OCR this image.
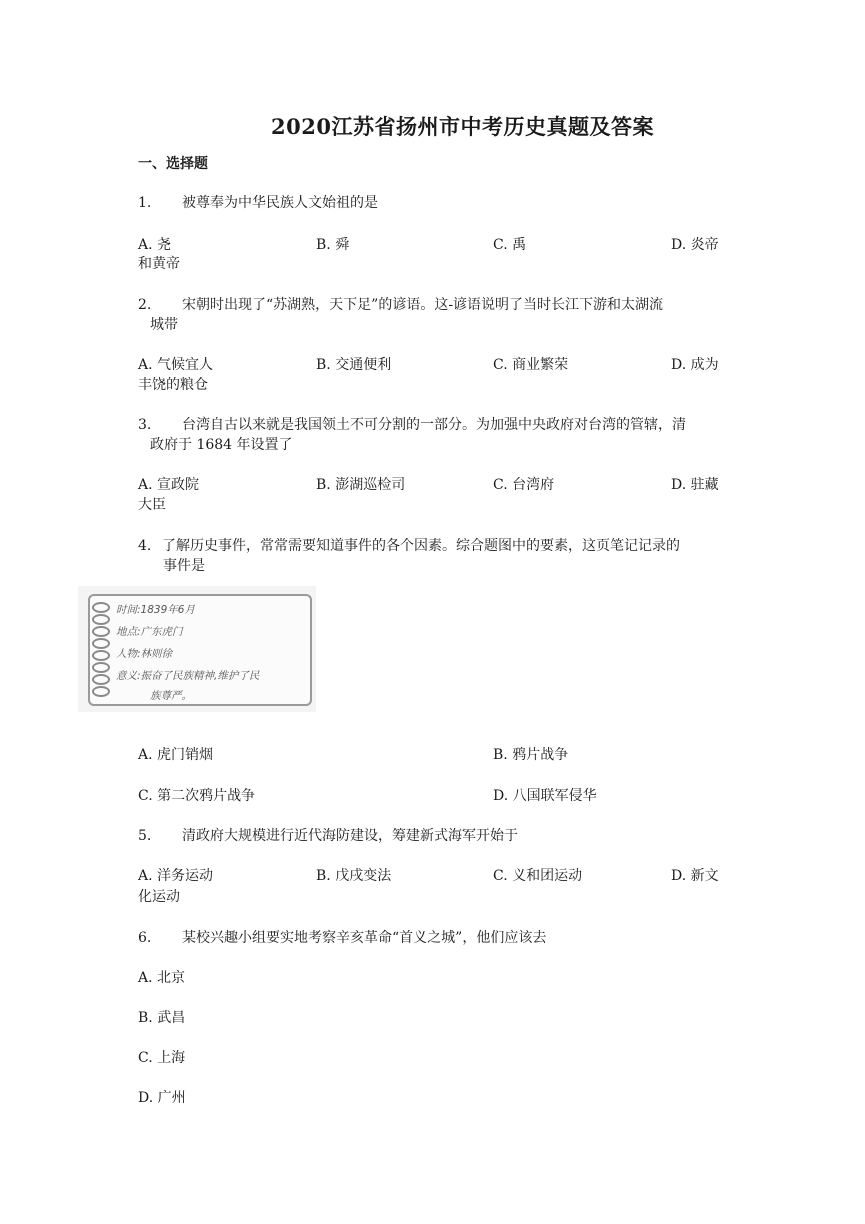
2020江苏省扬州市中考历史真题及答案
一、选择题
1. 被尊奉为中华民族人文始祖的是
A. 尧	B. 舜	C. 禹	D. 炎帝
和黄帝
2. 宋朝时出现了“苏湖熟，天下足”的谚语。这-谚语说明了当时长江下游和太湖流
城带
A. 气候宜人	B. 交通便利	C. 商业繁荣	D. 成为
丰饶的粮仓
3. 台湾自古以来就是我国领土不可分割的一部分。为加强中央政府对台湾的管辖，清
政府于 1684 年设置了
A. 宣政院	B. 澎湖巡检司	C. 台湾府	D. 驻藏
大臣
4. 了解历史事件，常常需要知道事件的各个因素。综合题图中的要素，这页笔记记录的
事件是
时间:1839年6月
地点:广东虎门
人物:林则徐
意义:振奋了民族精神,维护了民
族尊严。
A. 虎门销烟	B. 鸦片战争
C. 第二次鸦片战争	D. 八国联军侵华
5. 清政府大规模进行近代海防建设，筹建新式海军开始于
A. 洋务运动	B. 戊戌变法	C. 义和团运动	D. 新文
化运动
6. 某校兴趣小组要实地考察辛亥革命“首义之城”，他们应该去
A. 北京
B. 武昌
C. 上海
D. 广州
